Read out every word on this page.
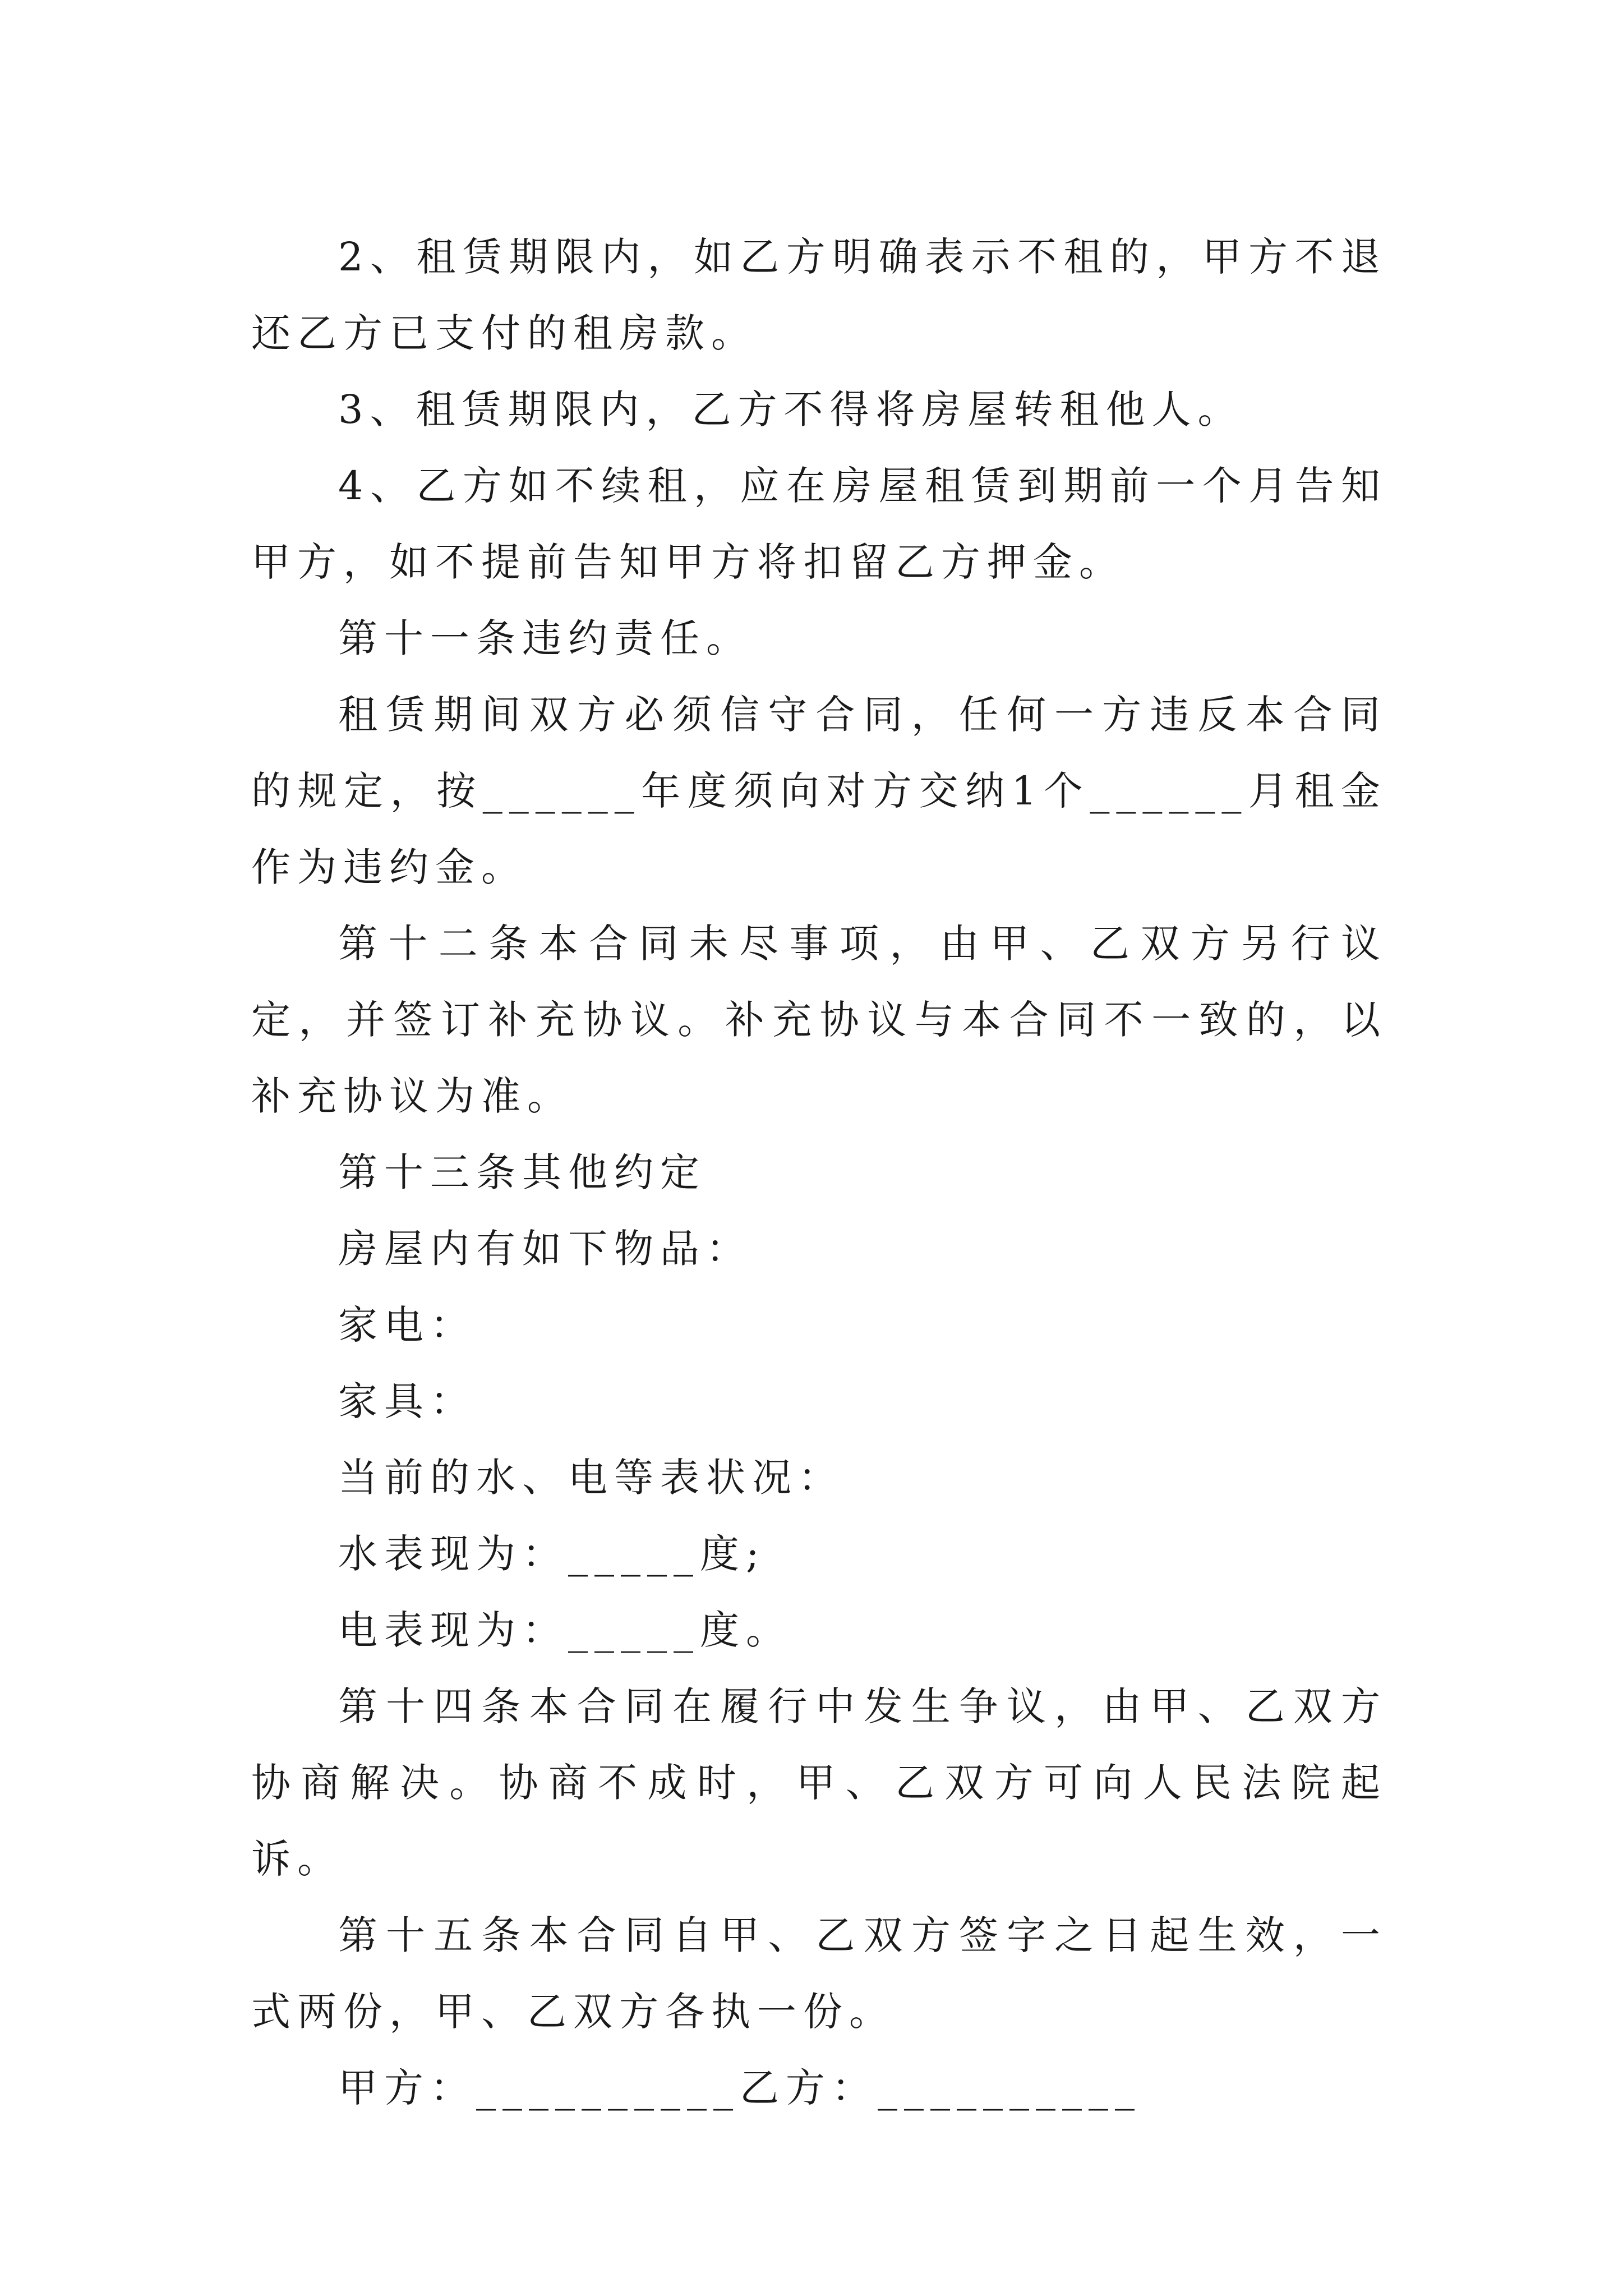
2、租赁期限内，如乙方明确表示不租的，甲方不退还乙方已支付的租房款。

3、租赁期限内，乙方不得将房屋转租他人。

4、乙方如不续租，应在房屋租赁到期前一个月告知甲方，如不提前告知甲方将扣留乙方押金。

第十一条违约责任。

租赁期间双方必须信守合同，任何一方违反本合同的规定，按______年度须向对方交纳1个______月租金作为违约金。

第十二条本合同未尽事项，由甲、乙双方另行议定，并签订补充协议。补充协议与本合同不一致的，以补充协议为准。

第十三条其他约定

房屋内有如下物品：

家电：

家具：

当前的水、电等表状况：

水表现为：_____度;

电表现为：_____度。

第十四条本合同在履行中发生争议，由甲、乙双方协商解决。协商不成时，甲、乙双方可向人民法院起诉。

第十五条本合同自甲、乙双方签字之日起生效，一式两份，甲、乙双方各执一份。

甲方：__________乙方：__________
